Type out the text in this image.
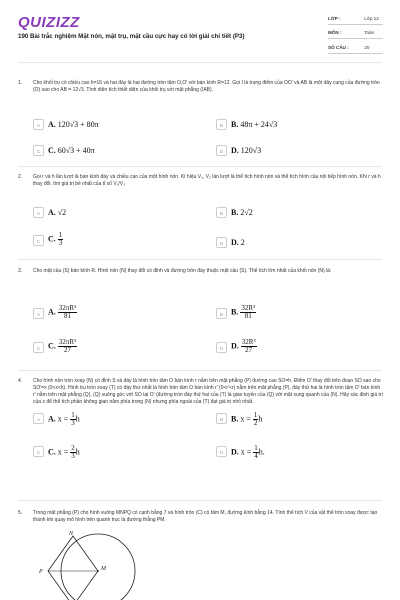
QUIZIZZ
190 Bài trắc nghiệm Mặt nón, mặt trụ, mặt cầu cực hay có lời giải chi tiết (P3)
LỚP :	Lớp 12
MÔN :	Toán
SỐ CÂU :	20
1. Cho khối trụ có chiều cao h=16 và hai đáy là hai đường tròn tâm O,O' với bán kính R=12. Gọi I là trung điểm của OO' và AB là một dây cung của đường tròn (O) sao cho AB = 12√3. Tính diện tích thiết diện của khối trụ với mặt phẳng (IAB).
A	A. 120√3 + 80π	B	B. 48π + 24√3
C C. 60√3 + 40π	D D. 120√3
2. Gọi r và h lần lượt là bán kính đáy và chiều cao của một hình nón. Kí hiệu V₁, V₂ lần lượt là thể tích hình nón và thể tích hình cầu nội tiếp hình nón. Khi r và h thay đổi, tìm giá trị bé nhất của tỉ số V₁/V₂
A	A. √2	B	B. 2√2
C C. $\frac{1}{3}$	D D. 2
3. Cho mặt cầu (S) bán kính R. Hình nón (N) thay đổi có đỉnh và đường tròn đáy thuộc mặt cầu (S). Thể tích lớn nhất của khối nón (N) là:
A	A. $\frac{\text{32πR³}}{81}$	B	B. $\frac{\text{32R³}}{81}$
C C. $\frac{\text{32πR³}}{27}$	D D. $\frac{\text{32R³}}{27}$
4. Cho hình nón tròn xoay (N) có đỉnh S và đáy là hình tròn tâm O bán kính r nằm trên mặt phẳng (P) đường cao SO=h. Điểm O' thay đổi trên đoạn SO sao cho SO'=x (0<x<h). Hình trụ tròn xoay (T) có đáy thứ nhất là hình tròn tâm O bán kính r' (0<r'<r) nằm trên mặt phẳng (P), đáy thứ hai là hình tròn tâm O' bán kính r' nằm trên mặt phẳng (Q), (Q) vuông góc với SO tại O' (đường tròn đáy thứ hai của (T) là giao tuyến của (Q) với mặt xung quanh của (N). Hãy xác định giá trị của x để thể tích phần không gian nằm phía trong (N) nhưng phía ngoài của (T) đạt giá trị nhỏ nhất.
A	A. $x = \frac{1}{3}$ h	B	B. $x = \frac{1}{2}$ h
C C. $x = \frac{2}{3}$ h	D D. $x = \frac{1}{4} h$.
5. Trong mặt phẳng (P) cho hình vuông MNPQ có cạnh bằng 7 và hình tròn (C) có tâm M, đường kính bằng 14. Tính thể tích V của vật thể tròn xoay được tạo thành khi quay mô hình trên quanh trục là đường thẳng PM.
N
P	M
